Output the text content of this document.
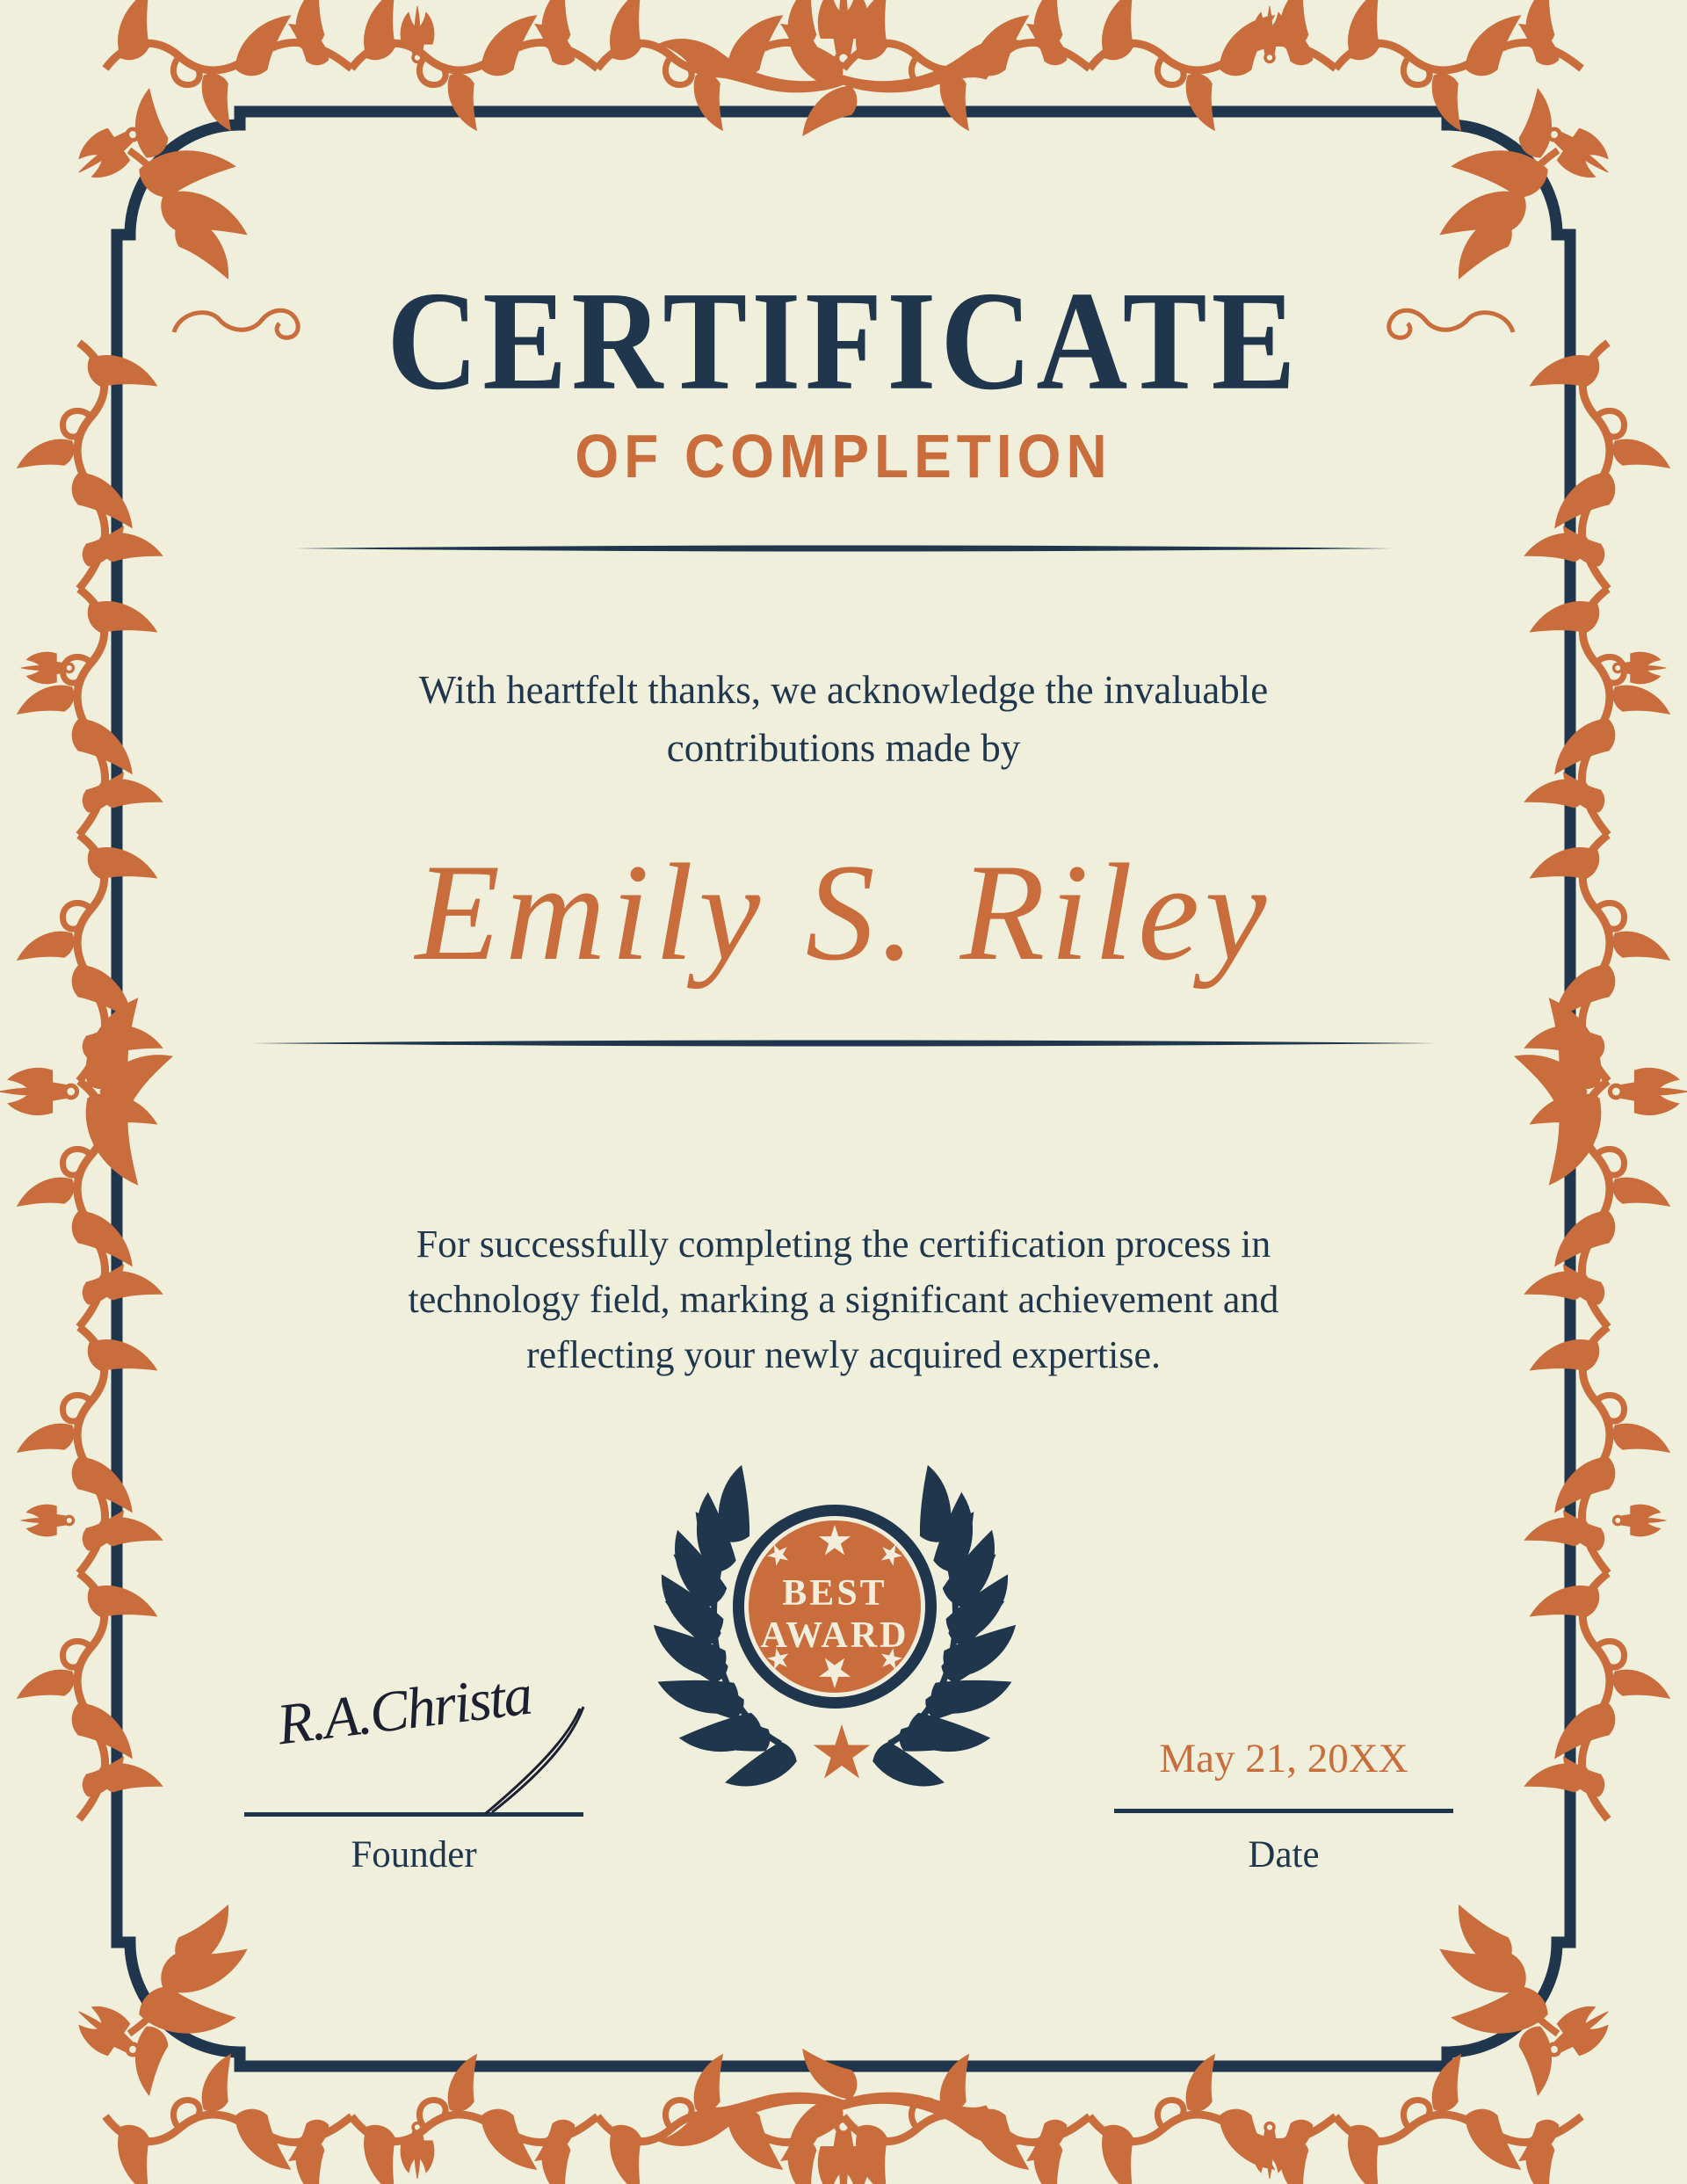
BEST
AWARD
CERTIFICATE
OF COMPLETION
With heartfelt thanks, we acknowledge the invaluable
contributions made by
Emily S. Riley
For successfully completing the certification process in
technology field, marking a significant achievement and
reflecting your newly acquired expertise.
R.A.Christa
Founder
May 21, 20XX
Date
